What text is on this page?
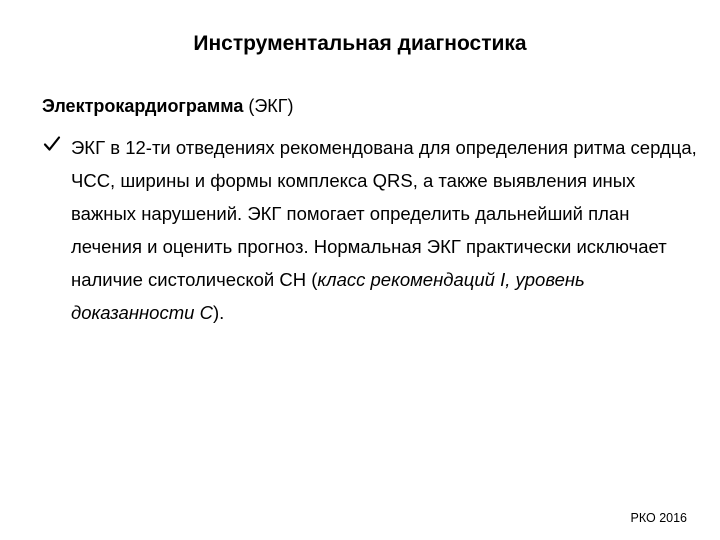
Инструментальная диагностика
Электрокардиограмма (ЭКГ)
ЭКГ в 12-ти отведениях рекомендована для определения ритма сердца, ЧСС, ширины и формы комплекса QRS, а также выявления иных важных нарушений. ЭКГ помогает определить дальнейший план лечения и оценить прогноз. Нормальная ЭКГ практически исключает наличие систолической СН (класс рекомендаций I, уровень доказанности C).
РКО 2016
